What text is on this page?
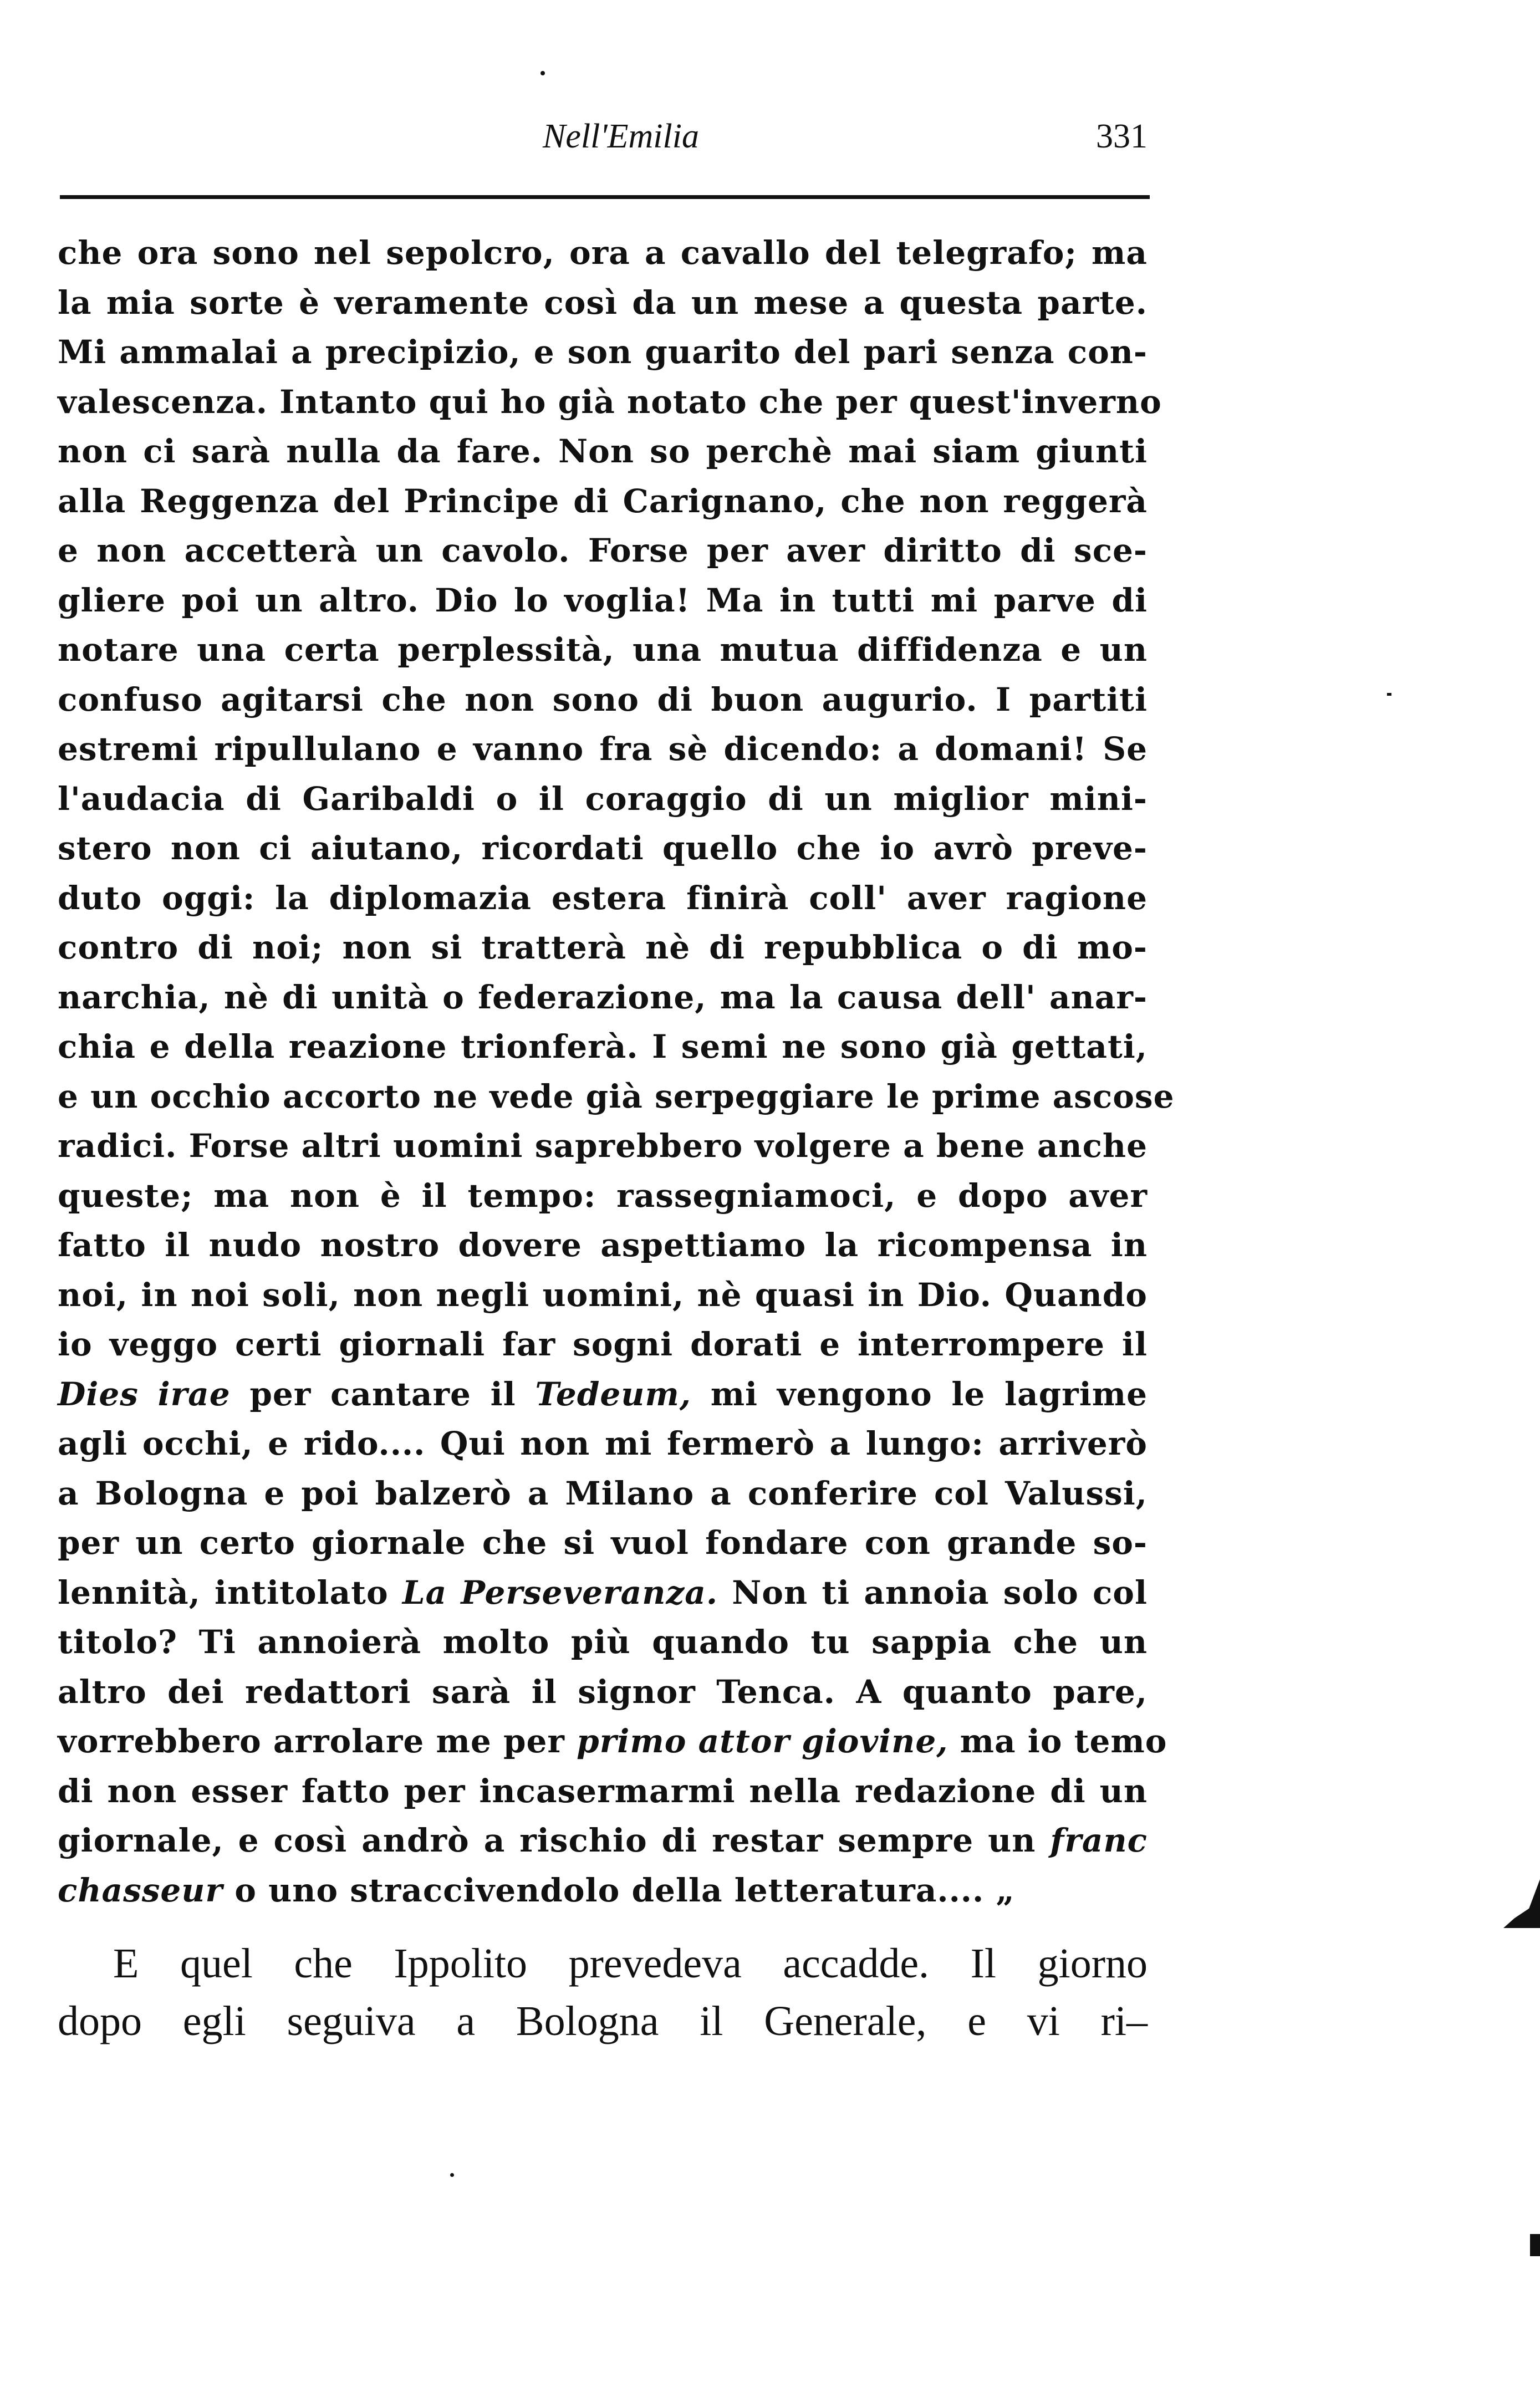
Nell'Emilia	331
che ora sono nel sepolcro, ora a cavallo del telegrafo; ma
la mia sorte è veramente così da un mese a questa parte.
Mi ammalai a precipizio, e son guarito del pari senza con-
valescenza. Intanto qui ho già notato che per quest'inverno
non ci sarà nulla da fare. Non so perchè mai siam giunti
alla Reggenza del Principe di Carignano, che non reggerà
e non accetterà un cavolo. Forse per aver diritto di sce-
gliere poi un altro. Dio lo voglia! Ma in tutti mi parve di
notare una certa perplessità, una mutua diffidenza e un
confuso agitarsi che non sono di buon augurio. I partiti
estremi ripullulano e vanno fra sè dicendo: a domani! Se
l'audacia di Garibaldi o il coraggio di un miglior mini-
stero non ci aiutano, ricordati quello che io avrò preve-
duto oggi: la diplomazia estera finirà coll' aver ragione
contro di noi; non si tratterà nè di repubblica o di mo-
narchia, nè di unità o federazione, ma la causa dell' anar-
chia e della reazione trionferà. I semi ne sono già gettati,
e un occhio accorto ne vede già serpeggiare le prime ascose
radici. Forse altri uomini saprebbero volgere a bene anche
queste; ma non è il tempo: rassegniamoci, e dopo aver
fatto il nudo nostro dovere aspettiamo la ricompensa in
noi, in noi soli, non negli uomini, nè quasi in Dio. Quando
io veggo certi giornali far sogni dorati e interrompere il
Dies irae per cantare il Tedeum, mi vengono le lagrime
agli occhi, e rido.... Qui non mi fermerò a lungo: arriverò
a Bologna e poi balzerò a Milano a conferire col Valussi,
per un certo giornale che si vuol fondare con grande so-
lennità, intitolato La Perseveranza. Non ti annoia solo col
titolo? Ti annoierà molto più quando tu sappia che un
altro dei redattori sarà il signor Tenca. A quanto pare,
vorrebbero arrolare me per primo attor giovine, ma io temo
di non esser fatto per incasermarmi nella redazione di un
giornale, e così andrò a rischio di restar sempre un franc
chasseur o uno straccivendolo della letteratura.... „
E quel che Ippolito prevedeva accadde. Il giorno
dopo egli seguiva a Bologna il Generale, e vi ri–
